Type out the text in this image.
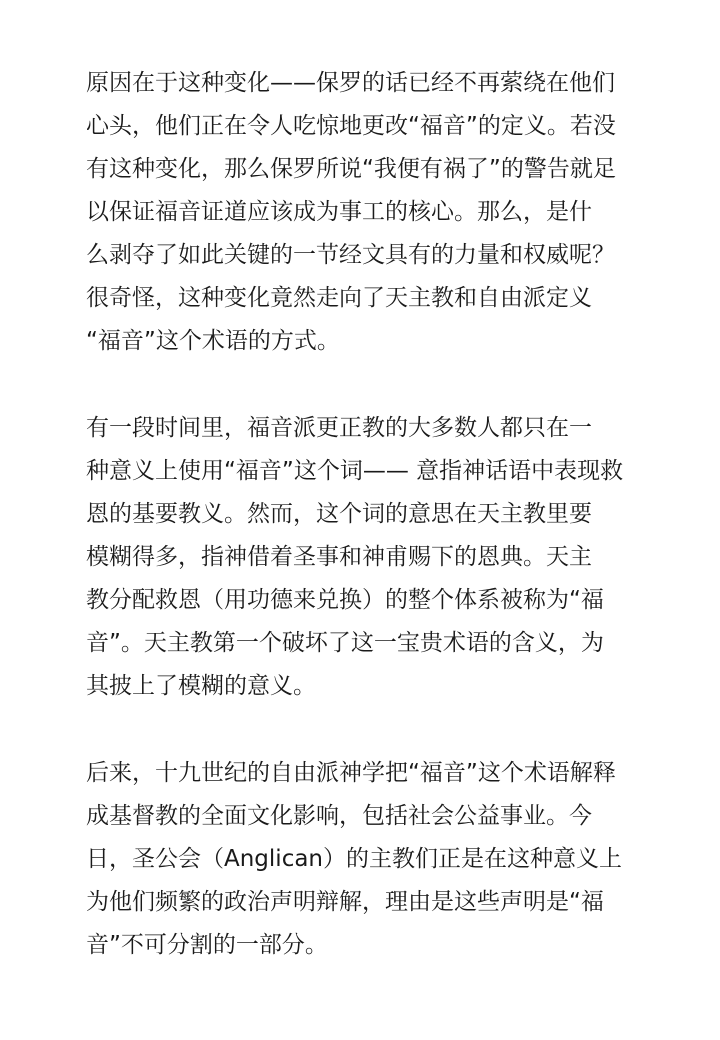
原因在于这种变化——保罗的话已经不再萦绕在他们
心头，他们正在令人吃惊地更改“福音”的定义。若没
有这种变化，那么保罗所说“我便有祸了”的警告就足
以保证福音证道应该成为事工的核心。那么，是什
么剥夺了如此关键的一节经文具有的力量和权威呢？
很奇怪，这种变化竟然走向了天主教和自由派定义
“福音”这个术语的方式。
有一段时间里，福音派更正教的大多数人都只在一
种意义上使用“福音”这个词—— 意指神话语中表现救
恩的基要教义。然而，这个词的意思在天主教里要
模糊得多，指神借着圣事和神甫赐下的恩典。天主
教分配救恩（用功德来兑换）的整个体系被称为“福
音”。天主教第一个破坏了这一宝贵术语的含义，为
其披上了模糊的意义。
后来，十九世纪的自由派神学把“福音”这个术语解释
成基督教的全面文化影响，包括社会公益事业。今
日，圣公会（Anglican）的主教们正是在这种意义上
为他们频繁的政治声明辩解，理由是这些声明是“福
音”不可分割的一部分。
